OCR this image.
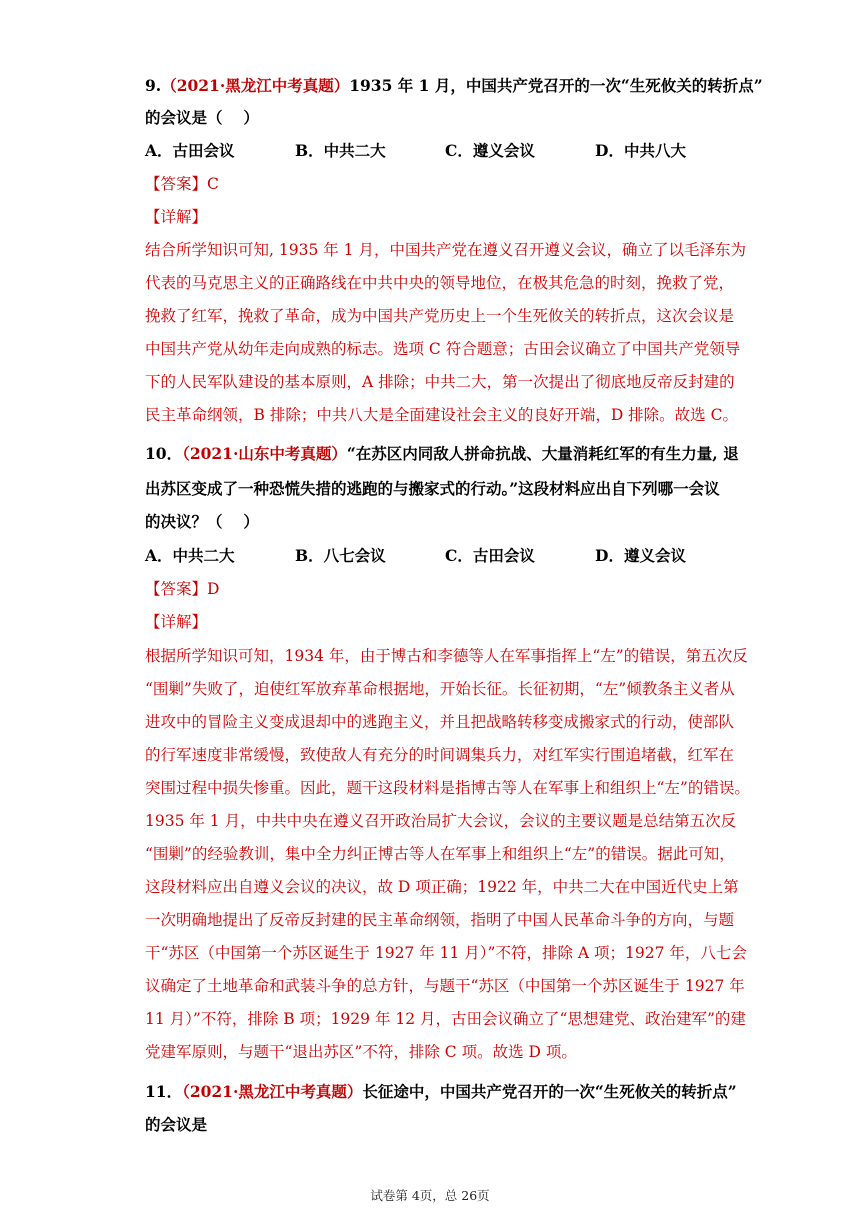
9.（2021·黑龙江中考真题）1935 年 1 月，中国共产党召开的一次“生死攸关的转折点”
的会议是（　 ）
A．古田会议	B．中共二大	C．遵义会议	D．中共八大
【答案】C
【详解】
结合所学知识可知, 1935 年 1 月，中国共产党在遵义召开遵义会议，确立了以毛泽东为
代表的马克思主义的正确路线在中共中央的领导地位，在极其危急的时刻，挽救了党，
挽救了红军，挽救了革命，成为中国共产党历史上一个生死攸关的转折点，这次会议是
中国共产党从幼年走向成熟的标志。选项 C 符合题意；古田会议确立了中国共产党领导
下的人民军队建设的基本原则，A 排除；中共二大，第一次提出了彻底地反帝反封建的
民主革命纲领，B 排除；中共八大是全面建设社会主义的良好开端，D 排除。故选 C。
10．（2021·山东中考真题）“在苏区内同敌人拼命抗战、大量消耗红军的有生力量, 退
出苏区变成了一种恐慌失措的逃跑的与搬家式的行动。”这段材料应出自下列哪一会议
的决议？（　 ）
A．中共二大	B．八七会议	C．古田会议	D．遵义会议
【答案】D
【详解】
根据所学知识可知，1934 年，由于博古和李德等人在军事指挥上“左”的错误，第五次反
“围剿”失败了，迫使红军放弃革命根据地，开始长征。长征初期，“左”倾教条主义者从
进攻中的冒险主义变成退却中的逃跑主义，并且把战略转移变成搬家式的行动，使部队
的行军速度非常缓慢，致使敌人有充分的时间调集兵力，对红军实行围追堵截，红军在
突围过程中损失惨重。因此，题干这段材料是指博古等人在军事上和组织上“左”的错误。
1935 年 1 月，中共中央在遵义召开政治局扩大会议，会议的主要议题是总结第五次反
“围剿”的经验教训，集中全力纠正博古等人在军事上和组织上“左”的错误。据此可知，
这段材料应出自遵义会议的决议，故 D 项正确；1922 年，中共二大在中国近代史上第
一次明确地提出了反帝反封建的民主革命纲领，指明了中国人民革命斗争的方向，与题
干“苏区（中国第一个苏区诞生于 1927 年 11 月）”不符，排除 A 项；1927 年，八七会
议确定了土地革命和武装斗争的总方针，与题干“苏区（中国第一个苏区诞生于 1927 年
11 月）”不符，排除 B 项；1929 年 12 月，古田会议确立了“思想建党、政治建军”的建
党建军原则，与题干“退出苏区”不符，排除 C 项。故选 D 项。
11．（2021·黑龙江中考真题）长征途中，中国共产党召开的一次“生死攸关的转折点”
的会议是
试卷第 4页，总 26页
